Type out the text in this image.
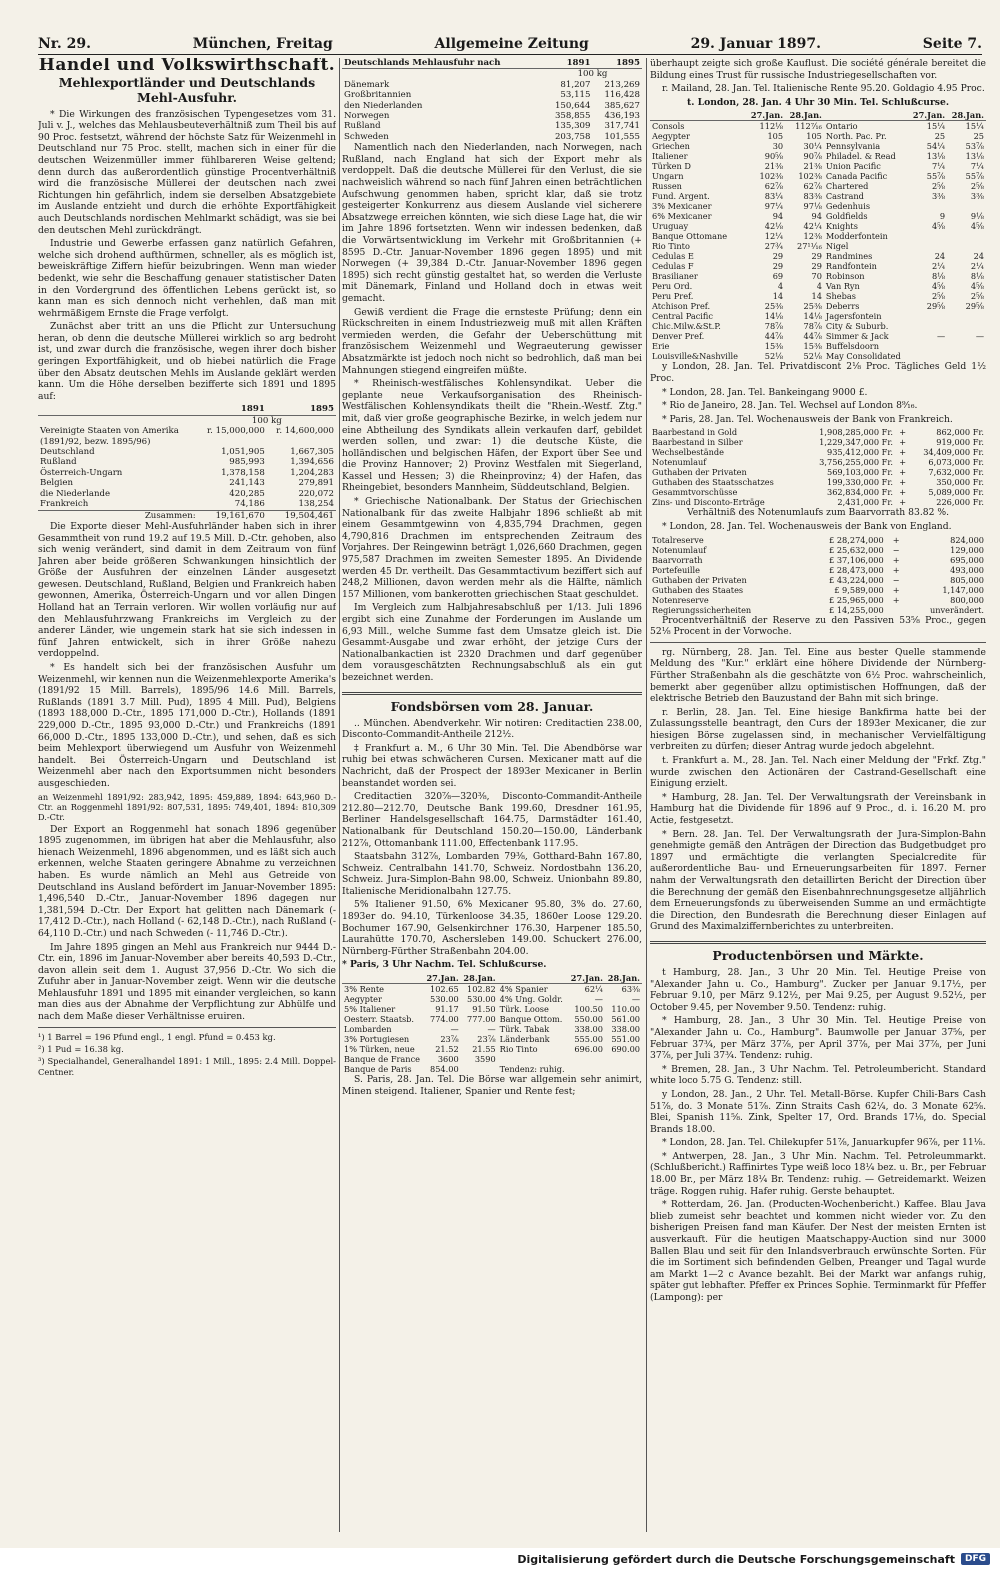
Nr. 29.	München, Freitag	Allgemeine Zeitung	29. Januar 1897.	Seite 7.
Handel und Volkswirthschaft.
Mehlexportländer und Deutschlands Mehl-Ausfuhr.

* Die Wirkungen des französischen Typengesetzes vom 31. Juli v. J., welches das Mehlausbeuteverhältniß zum Theil bis auf 90 Proc. festsetzt, während der höchste Satz für Weizenmehl in Deutschland nur 75 Proc. stellt, machen sich in einer für die deutschen Weizenmüller immer fühlbareren Weise geltend; denn durch das außerordentlich günstige Procentverhältniß wird die französische Müllerei der deutschen nach zwei Richtungen hin gefährlich, indem sie derselben Absatzgebiete im Auslande entzieht und durch die erhöhte Exportfähigkeit auch Deutschlands nordischen Mehlmarkt schädigt, was sie bei den deutschen Mehl zurückdrängt.

Industrie und Gewerbe erfassen ganz natürlich Gefahren, welche sich drohend aufthürmen, schneller, als es möglich ist, beweiskräftige Ziffern hiefür beizubringen. Wenn man wieder bedenkt, wie sehr die Beschaffung genauer statistischer Daten in den Vordergrund des öffentlichen Lebens gerückt ist, so kann man es sich dennoch nicht verhehlen, daß man mit wehrmäßigem Ernste die Frage verfolgt.

Zunächst aber tritt an uns die Pflicht zur Untersuchung heran, ob denn die deutsche Müllerei wirklich so arg bedroht ist, und zwar durch die französische, wegen ihrer doch bisher geringen Exportfähigkeit, und ob hiebei natürlich die Frage über den Absatz deutschen Mehls im Auslande geklärt werden kann. Um die Höhe derselben bezifferte sich 1891 und 1895 auf:

	1891	1895
	100 kg	
Vereinigte Staaten von Amerika	r. 15,000,000	r. 14,600,000
(1891/92, bezw. 1895/96)		
Deutschland	1,051,905	1,667,305
Rußland	985,993	1,394,656
Österreich-Ungarn	1,378,158	1,204,283
Belgien	241,143	279,891
die Niederlande	420,285	220,072
Frankreich	74,186	138,254
Zusammen:	19,161,670	19,504,461

Die Exporte dieser Mehl-Ausfuhrländer haben sich in ihrer Gesammtheit von rund 19.2 auf 19.5 Mill. D.-Ctr. gehoben, also sich wenig verändert, sind damit in dem Zeitraum von fünf Jahren aber beide größeren Schwankungen hinsichtlich der Größe der Ausfuhren der einzelnen Länder ausgesetzt gewesen. Deutschland, Rußland, Belgien und Frankreich haben gewonnen, Amerika, Österreich-Ungarn und vor allen Dingen Holland hat an Terrain verloren. Wir wollen vorläufig nur auf den Mehlausfuhrzwang Frankreichs im Vergleich zu der anderer Länder, wie ungemein stark hat sie sich indessen in fünf Jahren entwickelt, sich in ihrer Größe nahezu verdoppelnd.

* Es handelt sich bei der französischen Ausfuhr um Weizenmehl, wir kennen nun die Weizenmehlexporte Amerika's (1891/92 15 Mill. Barrels), 1895/96 14.6 Mill. Barrels, Rußlands (1891 3.7 Mill. Pud), 1895 4 Mill. Pud), Belgiens (1893 188,000 D.-Ctr., 1895 171,000 D.-Ctr.), Hollands (1891 229,000 D.-Ctr., 1895 93,000 D.-Ctr.) und Frankreichs (1891 66,000 D.-Ctr., 1895 133,000 D.-Ctr.), und sehen, daß es sich beim Mehlexport überwiegend um Ausfuhr von Weizenmehl handelt. Bei Österreich-Ungarn und Deutschland ist Weizenmehl aber nach den Exportsummen nicht besonders ausgeschieden.

an Weizenmehl 1891/92: 283,942, 1895: 459,889, 1894: 643,960 D.-Ctr. an Roggenmehl 1891/92: 807,531, 1895: 749,401, 1894: 810,309 D.-Ctr.

Der Export an Roggenmehl hat sonach 1896 gegenüber 1895 zugenommen, im übrigen hat aber die Mehlausfuhr, also hienach Weizenmehl, 1896 abgenommen, und es läßt sich auch erkennen, welche Staaten geringere Abnahme zu verzeichnen haben. Es wurde nämlich an Mehl aus Getreide von Deutschland ins Ausland befördert im Januar-November 1895: 1,496,540 D.-Ctr., Januar-November 1896 dagegen nur 1,381,594 D.-Ctr. Der Export hat gelitten nach Dänemark (- 17,412 D.-Ctr.), nach Holland (- 62,148 D.-Ctr.), nach Rußland (- 64,110 D.-Ctr.) und nach Schweden (- 11,746 D.-Ctr.).

Im Jahre 1895 gingen an Mehl aus Frankreich nur 9444 D.-Ctr. ein, 1896 im Januar-November aber bereits 40,593 D.-Ctr., davon allein seit dem 1. August 37,956 D.-Ctr. Wo sich die Zufuhr aber in Januar-November zeigt. Wenn wir die deutsche Mehlausfuhr 1891 und 1895 mit einander vergleichen, so kann man dies aus der Abnahme der Verpflichtung zur Abhülfe und nach dem Maße dieser Verhältnisse eruiren.

¹) 1 Barrel = 196 Pfund engl., 1 engl. Pfund = 0.453 kg.
²) 1 Pud = 16.38 kg.
³) Specialhandel, Generalhandel 1891: 1 Mill., 1895: 2.4 Mill. Doppel-Centner.
Deutschlands Mehlausfuhr nach	1891	1895
	100 kg	
Dänemark	81,207	213,269
Großbritannien	53,115	116,428
den Niederlanden	150,644	385,627
Norwegen	358,855	436,193
Rußland	135,309	317,741
Schweden	203,758	101,555

Namentlich nach den Niederlanden, nach Norwegen, nach Rußland, nach England hat sich der Export mehr als verdoppelt. Daß die deutsche Müllerei für den Verlust, die sie nachweislich während so nach fünf Jahren einen beträchtlichen Aufschwung genommen haben, spricht klar, daß sie trotz gesteigerter Konkurrenz aus diesem Auslande viel sicherere Absatzwege erreichen könnten, wie sich diese Lage hat, die wir im Jahre 1896 fortsetzten. Wenn wir indessen bedenken, daß die Vorwärtsentwicklung im Verkehr mit Großbritannien (+ 8595 D.-Ctr. Januar-November 1896 gegen 1895) und mit Norwegen (+ 39,384 D.-Ctr. Januar-November 1896 gegen 1895) sich recht günstig gestaltet hat, so werden die Verluste mit Dänemark, Finland und Holland doch in etwas weit gemacht.

Gewiß verdient die Frage die ernsteste Prüfung; denn ein Rückschreiten in einem Industriezweig muß mit allen Kräften vermieden werden, die Gefahr der Ueberschüttung mit französischem Weizenmehl und Wegraeuterung gewisser Absatzmärkte ist jedoch noch nicht so bedrohlich, daß man bei Mahnungen stiegend eingreifen müßte.

* Rheinisch-westfälisches Kohlensyndikat. Ueber die geplante neue Verkaufsorganisation des Rheinisch-Westfälischen Kohlensyndikats theilt die "Rhein.-Westf. Ztg." mit, daß vier große geographische Bezirke, in welch jedem nur eine Abtheilung des Syndikats allein verkaufen darf, gebildet werden sollen, und zwar: 1) die deutsche Küste, die holländischen und belgischen Häfen, der Export über See und die Provinz Hannover; 2) Provinz Westfalen mit Siegerland, Kassel und Hessen; 3) die Rheinprovinz; 4) der Hafen, das Rheingebiet, besonders Mannheim, Süddeutschland, Belgien.

* Griechische Nationalbank. Der Status der Griechischen Nationalbank für das zweite Halbjahr 1896 schließt ab mit einem Gesammtgewinn von 4,835,794 Drachmen, gegen 4,790,816 Drachmen im entsprechenden Zeitraum des Vorjahres. Der Reingewinn beträgt 1,026,660 Drachmen, gegen 975,587 Drachmen im zweiten Semester 1895. An Dividende werden 45 Dr. vertheilt. Das Gesammtactivum beziffert sich auf 248,2 Millionen, davon werden mehr als die Hälfte, nämlich 157 Millionen, vom bankerotten griechischen Staat geschuldet.

Im Vergleich zum Halbjahresabschluß per 1/13. Juli 1896 ergibt sich eine Zunahme der Forderungen im Auslande um 6,93 Mill., welche Summe fast dem Umsatze gleich ist. Die Gesammt-Ausgabe und zwar erhöht, der jetzige Curs der Nationalbankactien ist 2320 Drachmen und darf gegenüber dem vorausgeschätzten Rechnungsabschluß als ein gut bezeichnet werden.

Fondsbörsen vom 28. Januar.

.. München. Abendverkehr. Wir notiren: Creditactien 238.00, Disconto-Commandit-Antheile 212½.

‡ Frankfurt a. M., 6 Uhr 30 Min. Tel. Die Abendbörse war ruhig bei etwas schwächeren Cursen. Mexicaner matt auf die Nachricht, daß der Prospect der 1893er Mexicaner in Berlin beanstandet worden sei.

Creditactien 320⅞—320⅜, Disconto-Commandit-Antheile 212.80—212.70, Deutsche Bank 199.60, Dresdner 161.95, Berliner Handelsgesellschaft 164.75, Darmstädter 161.40, Nationalbank für Deutschland 150.20—150.00, Länderbank 212⅞, Ottomanbank 111.00, Effectenbank 117.95.

Staatsbahn 312⅞, Lombarden 79⅜, Gotthard-Bahn 167.80, Schweiz. Centralbahn 141.70, Schweiz. Nordostbahn 136.20, Schweiz. Jura-Simplon-Bahn 98.00, Schweiz. Unionbahn 89.80, Italienische Meridionalbahn 127.75.

5% Italiener 91.50, 6% Mexicaner 95.80, 3% do. 27.60, 1893er do. 94.10, Türkenloose 34.35, 1860er Loose 129.20. Bochumer 167.90, Gelsenkirchner 176.30, Harpener 185.50, Laurahütte 170.70, Aschersleben 149.00. Schuckert 276.00, Nürnberg-Fürther Straßenbahn 204.00.

* Paris, 3 Uhr Nachm. Tel. Schlußcurse.

	27.Jan.	28.Jan.		27.Jan.	28.Jan.
3% Rente	102.65	102.82	4% Spanier	62¼	63⅜
Aegypter	530.00	530.00	4% Ung. Goldr.	—	—
5% Italiener	91.17	91.50	Türk. Loose	100.50	110.00
Oesterr. Staatsb.	774.00	777.00	Banque Ottom.	550.00	561.00
Lombarden	—	—	Türk. Tabak	338.00	338.00
3% Portugiesen	23⅞	23⅞	Länderbank	555.00	551.00
1% Türken, neue	21.52	21.55	Rio Tinto	696.00	690.00
Banque de France	3600	3590			
Banque de Paris	854.00		Tendenz: ruhig.		

S. Paris, 28. Jan. Tel. Die Börse war allgemein sehr animirt, Minen steigend. Italiener, Spanier und Rente fest;

überhaupt zeigte sich große Kauflust. Die société générale bereitet die Bildung eines Trust für russische Industriegesellschaften vor.

r. Mailand, 28. Jan. Tel. Italienische Rente 95.20. Goldagio 4.95 Proc.

t. London, 28. Jan. 4 Uhr 30 Min. Tel. Schlußcurse.

	27.Jan.	28.Jan.		27.Jan.	28.Jan.
Consols	112⅛	112⁷⁄₁₆	Ontario	15¼	15¼
Aegypter	105	105	North. Pac. Pr.	25	25
Griechen	30	30¼	Pennsylvania	54¼	53⅞
Italiener	90⅝	90⅞	Philadel. & Read	13⅛	13⅛
Türken D	21⅜	21⅜	Union Pacific	7¼	7¼
Ungarn	102⅜	102⅜	Canada Pacific	55⅞	55⅞
Russen	62⅞	62⅞	Chartered	2⅝	2⅝
Fund. Argent.	83¼	83⅜	Castrand	3⅜	3⅜
3% Mexicaner	97¼	97⅛	Gedenhuis		
6% Mexicaner	94	94	Goldfields	9	9⅛
Uruguay	42⅛	42¼	Knights	4⅝	4⅝
Banque Ottomane	12¼	12⅜	Modderfontein		
Rio Tinto	27¾	27¹¹⁄₁₆	Nigel		
Cedulas E	29	29	Randmines	24	24
Cedulas F	29	29	Randfontein	2¼	2¼
Brasilianer	69	70	Robinson	8⅛	8⅛
Peru Ord.	4	4	Van Ryn	4⅝	4⅝
Peru Pref.	14	14	Shebas	2⅝	2⅝
Atchison Pref.	25⅜	25⅜	Deberrs	29⅝	29⅝
Central Pacific	14⅛	14⅛	Jagersfontein		
Chic.Milw.&St.P.	78⅞	78⅞	City & Suburb.		
Denver Pref.	44⅞	44⅞	Simmer & Jack	—	—
Erie	15⅜	15⅜	Buffelsdoorn		
Louisville&Nashville	52⅛	52⅛	May Consolidated		

y London, 28. Jan. Tel. Privatdiscont 2⅛ Proc. Tägliches Geld 1½ Proc.

* London, 28. Jan. Tel. Bankeingang 9000 £.

* Rio de Janeiro, 28. Jan. Tel. Wechsel auf London 8⁹⁄₁₆.

* Paris, 28. Jan. Tel. Wochenausweis der Bank von Frankreich.

Baarbestand in Gold	1,908,285,000 Fr.	+	862,000 Fr.
Baarbestand in Silber	1,229,347,000 Fr.	+	919,000 Fr.
Wechselbestände	935,412,000 Fr.	+	34,409,000 Fr.
Notenumlauf	3,756,255,000 Fr.	+	6,073,000 Fr.
Guthaben der Privaten	569,103,000 Fr.	+	7,632,000 Fr.
Guthaben des Staatsschatzes	199,330,000 Fr.	+	350,000 Fr.
Gesammtvorschüsse	362,834,000 Fr.	+	5,089,000 Fr.
Zins- und Disconto-Erträge	2,431,000 Fr.	+	226,000 Fr.

Verhältniß des Notenumlaufs zum Baarvorrath 83.82 %.

* London, 28. Jan. Tel. Wochenausweis der Bank von England.

Totalreserve	£ 28,274,000	+	824,000
Notenumlauf	£ 25,632,000	−	129,000
Baarvorrath	£ 37,106,000	+	695,000
Portefeuille	£ 28,473,000	+	493,000
Guthaben der Privaten	£ 43,224,000	−	805,000
Guthaben des Staates	£ 9,589,000	+	1,147,000
Notenreserve	£ 25,965,000	+	800,000
Regierungssicherheiten	£ 14,255,000		unverändert.

Procentverhältniß der Reserve zu den Passiven 53⅝ Proc., gegen 52⅛ Procent in der Vorwoche.

rg. Nürnberg, 28. Jan. Tel. Eine aus bester Quelle stammende Meldung des "Kur." erklärt eine höhere Dividende der Nürnberg-Fürther Straßenbahn als die geschätzte von 6½ Proc. wahrscheinlich, bemerkt aber gegenüber allzu optimistischen Hoffnungen, daß der elektrische Betrieb den Bauzustand der Bahn mit sich bringe.

r. Berlin, 28. Jan. Tel. Eine hiesige Bankfirma hatte bei der Zulassungsstelle beantragt, den Curs der 1893er Mexicaner, die zur hiesigen Börse zugelassen sind, in mechanischer Vervielfältigung verbreiten zu dürfen; dieser Antrag wurde jedoch abgelehnt.

t. Frankfurt a. M., 28. Jan. Tel. Nach einer Meldung der "Frkf. Ztg." wurde zwischen den Actionären der Castrand-Gesellschaft eine Einigung erzielt.

* Hamburg, 28. Jan. Tel. Der Verwaltungsrath der Vereinsbank in Hamburg hat die Dividende für 1896 auf 9 Proc., d. i. 16.20 M. pro Actie, festgesetzt.

* Bern. 28. Jan. Tel. Der Verwaltungsrath der Jura-Simplon-Bahn genehmigte gemäß den Anträgen der Direction das Budgetbudget pro 1897 und ermächtigte die verlangten Specialcredite für außerordentliche Bau- und Erneuerungsarbeiten für 1897. Ferner nahm der Verwaltungsrath den detaillirten Bericht der Direction über die Berechnung der gemäß den Eisenbahnrechnungsgesetze alljährlich dem Erneuerungsfonds zu überweisenden Summe an und ermächtigte die Direction, den Bundesrath die Berechnung dieser Einlagen auf Grund des Maximalziffernberichtes zu unterbreiten.

Productenbörsen und Märkte.

t Hamburg, 28. Jan., 3 Uhr 20 Min. Tel. Heutige Preise von "Alexander Jahn u. Co., Hamburg". Zucker per Januar 9.17½, per Februar 9.10, per März 9.12½, per Mai 9.25, per August 9.52½, per October 9.45, per November 9.50. Tendenz: ruhig.

* Hamburg, 28. Jan., 3 Uhr 30 Min. Tel. Heutige Preise von "Alexander Jahn u. Co., Hamburg". Baumwolle per Januar 37⅝, per Februar 37¾, per März 37⅞, per April 37⅞, per Mai 37⅞, per Juni 37⅞, per Juli 37¾. Tendenz: ruhig.

* Bremen, 28. Jan., 3 Uhr Nachm. Tel. Petroleumbericht. Standard white loco 5.75 G. Tendenz: still.

y London, 28. Jan., 2 Uhr. Tel. Metall-Börse. Kupfer Chili-Bars Cash 51⅞, do. 3 Monate 51⅞. Zinn Straits Cash 62¼, do. 3 Monate 62⅝. Blei, Spanish 11⅝. Zink, Spelter 17, Ord. Brands 17⅛, do. Special Brands 18.00.

* London, 28. Jan. Tel. Chilekupfer 51⅞, Januarkupfer 96⅞, per 11⅛.

* Antwerpen, 28. Jan., 3 Uhr Min. Nachm. Tel. Petroleummarkt. (Schlußbericht.) Raffinirtes Type weiß loco 18¼ bez. u. Br., per Februar 18.00 Br., per März 18¼ Br. Tendenz: ruhig. — Getreidemarkt. Weizen träge. Roggen ruhig. Hafer ruhig. Gerste behauptet.

* Rotterdam, 26. Jan. (Producten-Wochenbericht.) Kaffee. Blau Java blieb zumeist sehr beachtet und kommen nicht wieder vor. Zu den bisherigen Preisen fand man Käufer. Der Nest der meisten Ernten ist ausverkauft. Für die heutigen Maatschappy-Auction sind nur 3000 Ballen Blau und seit für den Inlandsverbrauch erwünschte Sorten. Für die im Sortiment sich befindenden Gelben, Preanger und Tagal wurde am Markt 1—2 c Avance bezahlt. Bei der Markt war anfangs ruhig, später gut lebhafter. Pfeffer ex Princes Sophie. Terminmarkt für Pfeffer (Lampong): per

Digitalisierung gefördert durch die Deutsche Forschungsgemeinschaft	DFG
